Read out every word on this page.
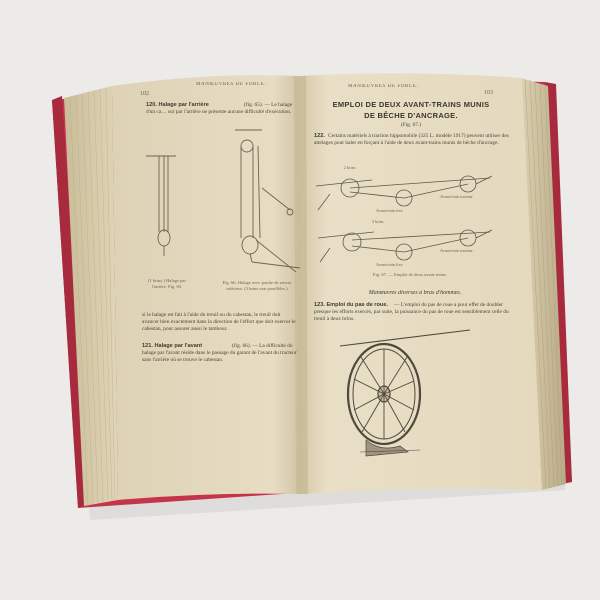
102
MANŒUVRES DE FORCE.
120. Halage par l'arrière	(fig. 65). — Le halage d'un ca… sur par l'arrière ne présente aucune difficulté d'exécution.
(1 brins.) Halage par l'arrière. Fig. 65.
Fig. 66. Halage avec poulie de renvoi inférieur. (3 brins non parallèles.)
si le halage est fait à l'aide du treuil ou du cabestan, le treuil doit avancer bien exactement dans la direction de l'effort que doit exercer le cabestan, pour assurer aussi le tambour.
121. Halage par l'avant	(fig. 66). — La difficulté du halage par l'avant réside dans le passage du garant de l'avant du tracteur sans l'arrière où se trouve le cabestan.
MANŒUVRES DE FORCE.
103
EMPLOI DE DEUX AVANT-TRAINS MUNIS
DE BÊCHE D'ANCRAGE.
(Fig. 67.)
122. Certains matériels à traction hippomobile (325 L. modèle 1917) peuvent utiliser des attelages pour haler en forçant à l'aide de deux avant-trains munis de bêche d'ancrage.
2 brins
Avant-train fixe
Avant-train tracteur
3 brins
Avant-train fixe
Avant-train tracteur
Fig. 67. — Emploi de deux avant-trains.
Manœuvres diverses à bras d'hommes.
123. Emploi du pas de roue.	— L'emploi du pas de roue a pour effet de doubler presque les efforts exercés, par suite, la puissance du pas de roue est sensiblement celle du treuil à deux brins.
